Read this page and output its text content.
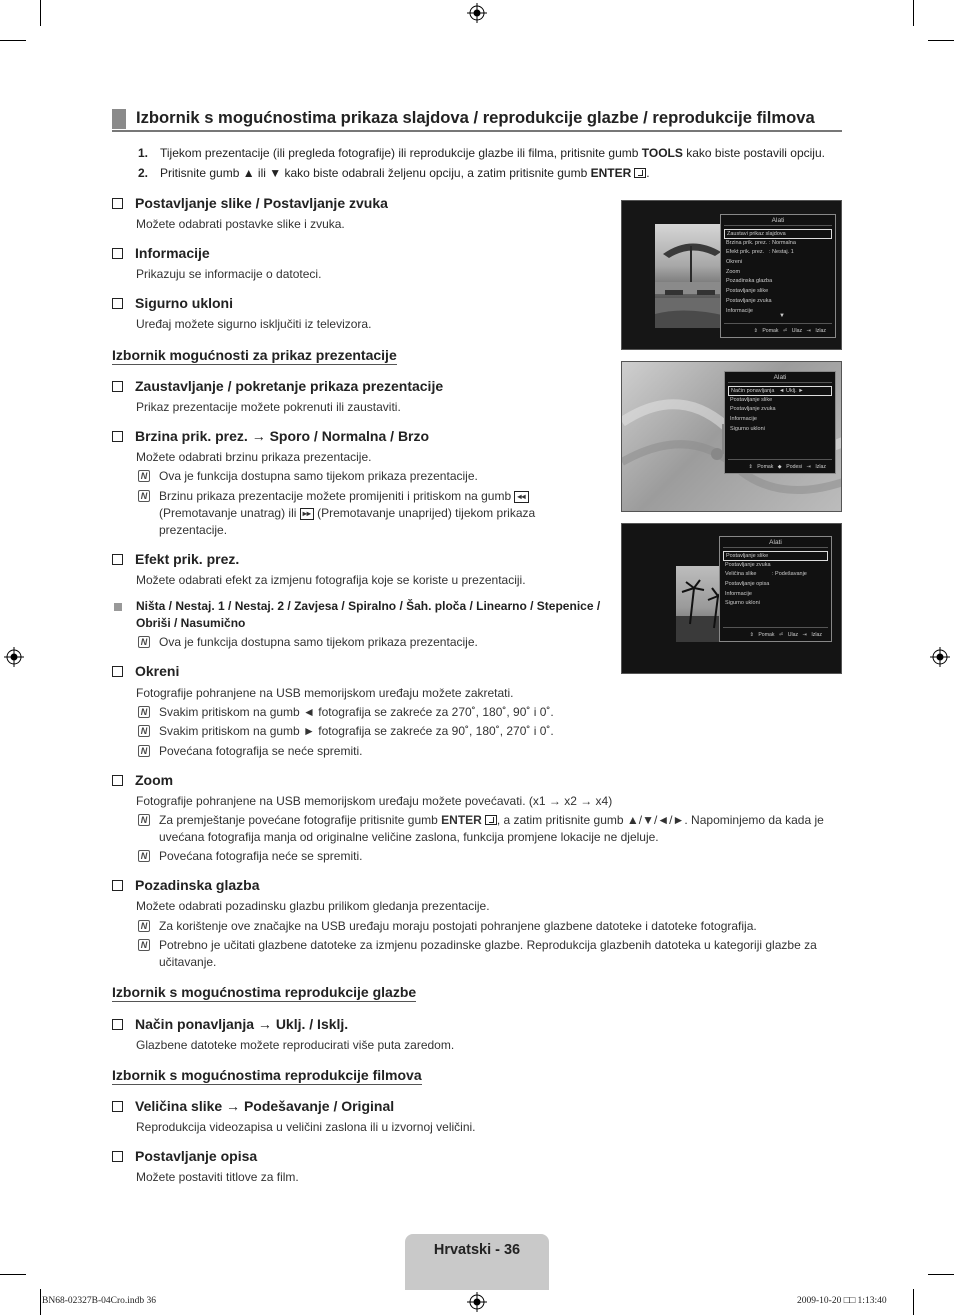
Izbornik s mogućnostima prikaza slajdova / reprodukcije glazbe / reprodukcije filmova
1. Tijekom prezentacije (ili pregleda fotografije) ili reprodukcije glazbe ili filma, pritisnite gumb TOOLS kako biste postavili opciju.
2. Pritisnite gumb ▲ ili ▼ kako biste odabrali željenu opciju, a zatim pritisnite gumb ENTER .
Postavljanje slike / Postavljanje zvuka
Možete odabrati postavke slike i zvuka.
Informacije
Prikazuju se informacije o datoteci.
Sigurno ukloni
Uređaj možete sigurno isključiti iz televizora.
Izbornik mogućnosti za prikaz prezentacije
Zaustavljanje / pokretanje prikaza prezentacije
Prikaz prezentacije možete pokrenuti ili zaustaviti.
Brzina prik. prez. → Sporo / Normalna / Brzo
Možete odabrati brzinu prikaza prezentacije.
N Ova je funkcija dostupna samo tijekom prikaza prezentacije.
N Brzinu prikaza prezentacije možete promijeniti i pritiskom na gumb ◂◂
(Premotavanje unatrag) ili ▸▸ (Premotavanje unaprijed) tijekom prikaza
prezentacije.
Efekt prik. prez.
Možete odabrati efekt za izmjenu fotografija koje se koriste u prezentaciji.
Ništa / Nestaj. 1 / Nestaj. 2 / Zavjesa / Spiralno / Šah. ploča / Linearno / Stepenice /
Obriši / Nasumično
N Ova je funkcija dostupna samo tijekom prikaza prezentacije.
Okreni
Fotografije pohranjene na USB memorijskom uređaju možete zakretati.
N Svakim pritiskom na gumb ◄ fotografija se zakreće za 270˚, 180˚, 90˚ i 0˚.
N Svakim pritiskom na gumb ► fotografija se zakreće za 90˚, 180˚, 270˚ i 0˚.
N Povećana fotografija se neće spremiti.
Zoom
Fotografije pohranjene na USB memorijskom uređaju možete povećavati. (x1 → x2 → x4)
N Za premještanje povećane fotografije pritisnite gumb ENTER , a zatim pritisnite gumb ▲/▼/◄/►. Napominjemo da kada je
uvećana fotografija manja od originalne veličine zaslona, funkcija promjene lokacije ne djeluje.
N Povećana fotografija neće se spremiti.
Pozadinska glazba
Možete odabrati pozadinsku glazbu prilikom gledanja prezentacije.
N Za korištenje ove značajke na USB uređaju moraju postojati pohranjene glazbene datoteke i datoteke fotografija.
N Potrebno je učitati glazbene datoteke za izmjenu pozadinske glazbe. Reprodukcija glazbenih datoteka u kategoriji glazbe za
učitavanje.
Izbornik s mogućnostima reprodukcije glazbe
Način ponavljanja → Uklj. / Isklj.
Glazbene datoteke možete reproducirati više puta zaredom.
Izbornik s mogućnostima reprodukcije filmova
Veličina slike → Podešavanje / Original
Reprodukcija videozapisa u veličini zaslona ili u izvornoj veličini.
Postavljanje opisa
Možete postaviti titlove za film.
Alati
Zaustavi prikaz slajdova
Brzina prik. prez. : Normalna
Efekt prik. prez. : Nestaj. 1
Okreni
Zoom
Pozadinska glazba
Postavljanje slike
Postavljanje zvuka
Informacije
▼
⇕ Pomak ⏎ Ulaz ⇥ Izlaz
Alati
Način ponavljanja ◄ Uklj. ►
Postavljanje slike
Postavljanje zvuka
Informacije
Sigurno ukloni
⇕ Pomak ◆ Podesi ⇥ Izlaz
Alati
Postavljanje slike
Postavljanje zvuka
Veličina slike	: Podešavanje
Postavljanje opisa
Informacije
Sigurno ukloni
⇕ Pomak ⏎ Ulaz ⇥ Izlaz
Hrvatski - 36
BN68-02327B-04Cro.indb 36	2009-10-20 □□ 1:13:40
